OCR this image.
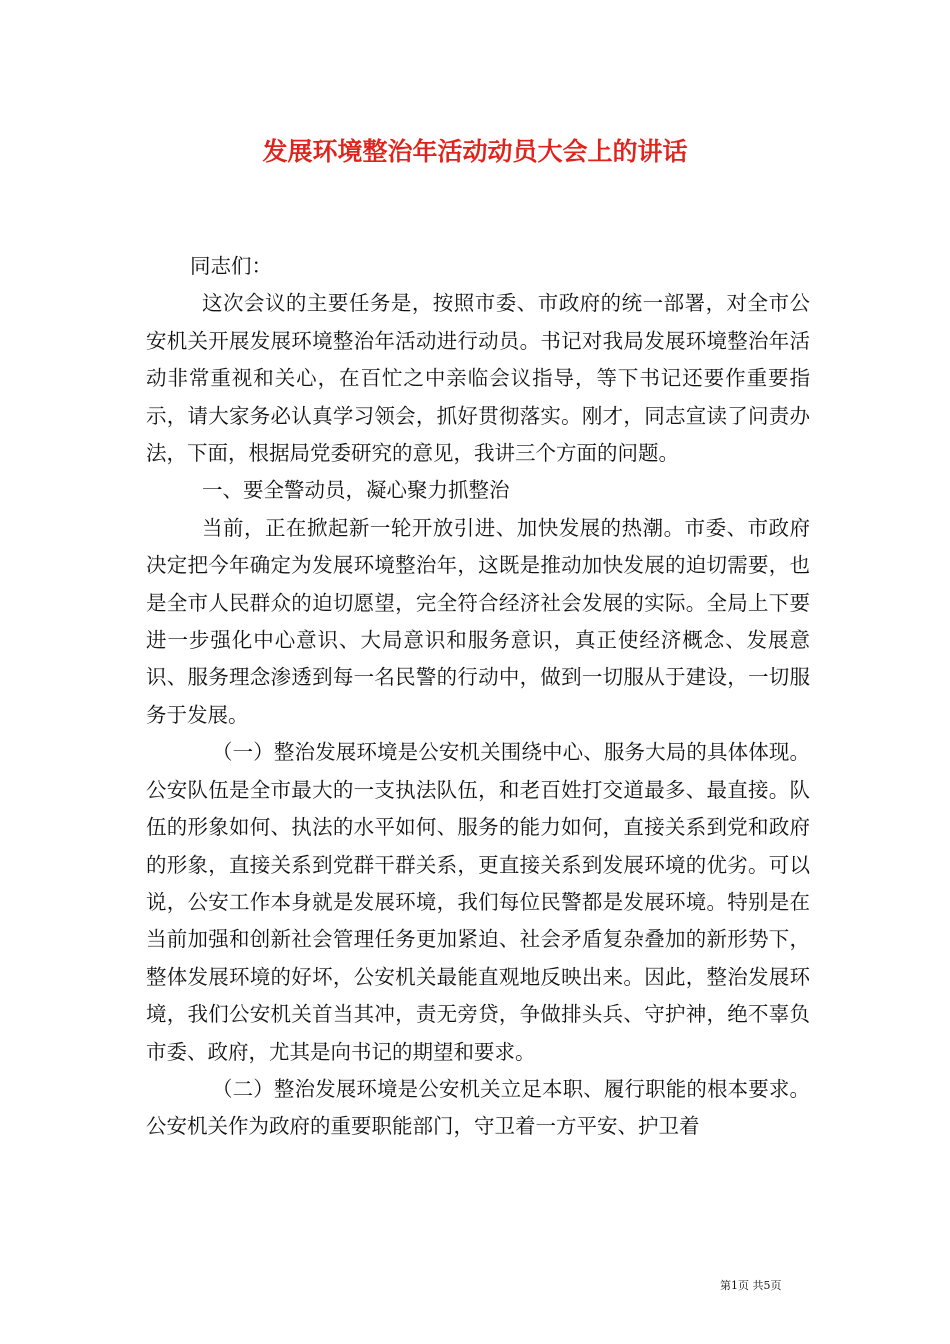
发展环境整治年活动动员大会上的讲话

同志们：

这次会议的主要任务是，按照市委、市政府的统一部署，对全市公安机关开展发展环境整治年活动进行动员。书记对我局发展环境整治年活动非常重视和关心，在百忙之中亲临会议指导，等下书记还要作重要指示，请大家务必认真学习领会，抓好贯彻落实。刚才，同志宣读了问责办法，下面，根据局党委研究的意见，我讲三个方面的问题。

一、要全警动员，凝心聚力抓整治

当前，正在掀起新一轮开放引进、加快发展的热潮。市委、市政府决定把今年确定为发展环境整治年，这既是推动加快发展的迫切需要，也是全市人民群众的迫切愿望，完全符合经济社会发展的实际。全局上下要进一步强化中心意识、大局意识和服务意识，真正使经济概念、发展意识、服务理念渗透到每一名民警的行动中，做到一切服从于建设，一切服务于发展。

（一）整治发展环境是公安机关围绕中心、服务大局的具体体现。公安队伍是全市最大的一支执法队伍，和老百姓打交道最多、最直接。队伍的形象如何、执法的水平如何、服务的能力如何，直接关系到党和政府的形象，直接关系到党群干群关系，更直接关系到发展环境的优劣。可以说，公安工作本身就是发展环境，我们每位民警都是发展环境。特别是在当前加强和创新社会管理任务更加紧迫、社会矛盾复杂叠加的新形势下，整体发展环境的好坏，公安机关最能直观地反映出来。因此，整治发展环境，我们公安机关首当其冲，责无旁贷，争做排头兵、守护神，绝不辜负市委、政府，尤其是向书记的期望和要求。

（二）整治发展环境是公安机关立足本职、履行职能的根本要求。公安机关作为政府的重要职能部门，守卫着一方平安、护卫着

第1页 共5页
